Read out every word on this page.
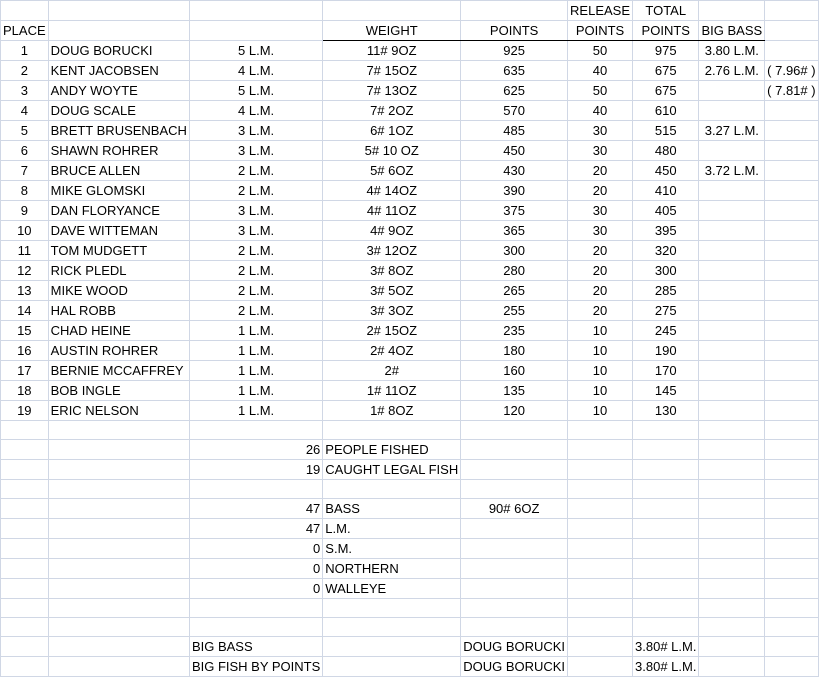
					RELEASE	TOTAL		
PLACE			WEIGHT	POINTS	POINTS	POINTS	BIG BASS	
1	DOUG BORUCKI	5 L.M.	11# 9OZ	925	50	975	3.80 L.M.	
2	KENT JACOBSEN	4 L.M.	7# 15OZ	635	40	675	2.76 L.M.	( 7.96# )
3	ANDY WOYTE	5 L.M.	7# 13OZ	625	50	675		( 7.81# )
4	DOUG SCALE	4 L.M.	7# 2OZ	570	40	610		
5	BRETT BRUSENBACH	3 L.M.	6# 1OZ	485	30	515	3.27 L.M.	
6	SHAWN ROHRER	3 L.M.	5# 10 OZ	450	30	480		
7	BRUCE ALLEN	2 L.M.	5# 6OZ	430	20	450	3.72 L.M.	
8	MIKE GLOMSKI	2 L.M.	4# 14OZ	390	20	410		
9	DAN FLORYANCE	3 L.M.	4# 11OZ	375	30	405		
10	DAVE WITTEMAN	3 L.M.	4# 9OZ	365	30	395		
11	TOM MUDGETT	2 L.M.	3# 12OZ	300	20	320		
12	RICK PLEDL	2 L.M.	3# 8OZ	280	20	300		
13	MIKE WOOD	2 L.M.	3# 5OZ	265	20	285		
14	HAL ROBB	2 L.M.	3# 3OZ	255	20	275		
15	CHAD HEINE	1 L.M.	2# 15OZ	235	10	245		
16	AUSTIN ROHRER	1 L.M.	2# 4OZ	180	10	190		
17	BERNIE MCCAFFREY	1 L.M.	2#	160	10	170		
18	BOB INGLE	1 L.M.	1# 11OZ	135	10	145		
19	ERIC NELSON	1 L.M.	1# 8OZ	120	10	130		

		26	PEOPLE FISHED					
		19	CAUGHT LEGAL FISH					

		47	BASS	90# 6OZ				
		47	L.M.					
		0	S.M.					
		0	NORTHERN					
		0	WALLEYE					

		BIG BASS		DOUG BORUCKI		3.80# L.M.		
		BIG FISH BY POINTS		DOUG BORUCKI		3.80# L.M.		
